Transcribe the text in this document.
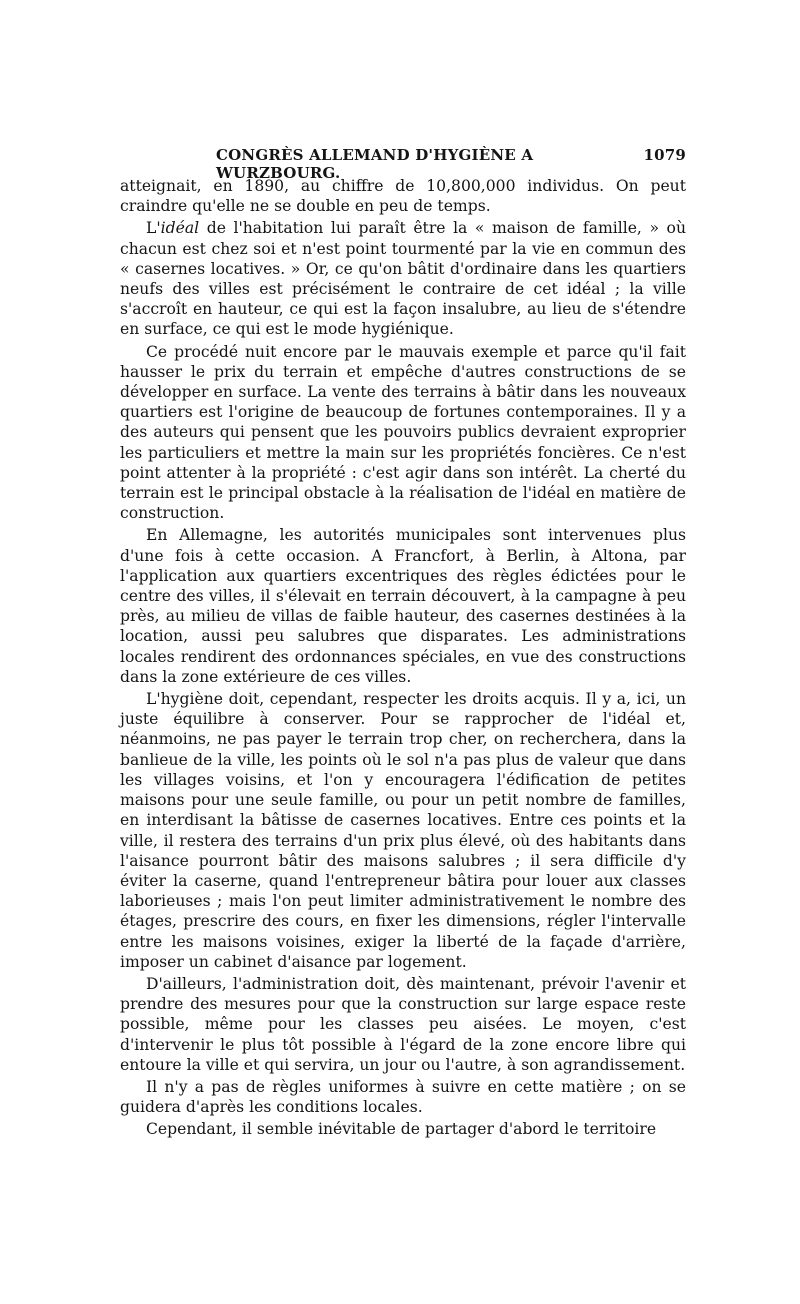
CONGRÈS ALLEMAND D'HYGIÈNE A WURZBOURG.
1079

atteignait, en 1890, au chiffre de 10,800,000 individus. On peut craindre qu'elle ne se double en peu de temps.

L'idéal de l'habitation lui paraît être la « maison de famille, » où chacun est chez soi et n'est point tourmenté par la vie en commun des « casernes locatives. » Or, ce qu'on bâtit d'ordinaire dans les quartiers neufs des villes est précisément le contraire de cet idéal ; la ville s'accroît en hauteur, ce qui est la façon insalubre, au lieu de s'étendre en surface, ce qui est le mode hygiénique.

Ce procédé nuit encore par le mauvais exemple et parce qu'il fait hausser le prix du terrain et empêche d'autres constructions de se développer en surface. La vente des terrains à bâtir dans les nouveaux quartiers est l'origine de beaucoup de fortunes contemporaines. Il y a des auteurs qui pensent que les pouvoirs publics devraient exproprier les particuliers et mettre la main sur les propriétés foncières. Ce n'est point attenter à la propriété : c'est agir dans son intérêt. La cherté du terrain est le principal obstacle à la réalisation de l'idéal en matière de construction.

En Allemagne, les autorités municipales sont intervenues plus d'une fois à cette occasion. A Francfort, à Berlin, à Altona, par l'application aux quartiers excentriques des règles édictées pour le centre des villes, il s'élevait en terrain découvert, à la campagne à peu près, au milieu de villas de faible hauteur, des casernes destinées à la location, aussi peu salubres que disparates. Les administrations locales rendirent des ordonnances spéciales, en vue des constructions dans la zone extérieure de ces villes.

L'hygiène doit, cependant, respecter les droits acquis. Il y a, ici, un juste équilibre à conserver. Pour se rapprocher de l'idéal et, néanmoins, ne pas payer le terrain trop cher, on recherchera, dans la banlieue de la ville, les points où le sol n'a pas plus de valeur que dans les villages voisins, et l'on y encouragera l'édification de petites maisons pour une seule famille, ou pour un petit nombre de familles, en interdisant la bâtisse de casernes locatives. Entre ces points et la ville, il restera des terrains d'un prix plus élevé, où des habitants dans l'aisance pourront bâtir des maisons salubres ; il sera difficile d'y éviter la caserne, quand l'entrepreneur bâtira pour louer aux classes laborieuses ; mais l'on peut limiter administrativement le nombre des étages, prescrire des cours, en fixer les dimensions, régler l'intervalle entre les maisons voisines, exiger la liberté de la façade d'arrière, imposer un cabinet d'aisance par logement.

D'ailleurs, l'administration doit, dès maintenant, prévoir l'avenir et prendre des mesures pour que la construction sur large espace reste possible, même pour les classes peu aisées. Le moyen, c'est d'intervenir le plus tôt possible à l'égard de la zone encore libre qui entoure la ville et qui servira, un jour ou l'autre, à son agrandissement.

Il n'y a pas de règles uniformes à suivre en cette matière ; on se guidera d'après les conditions locales.

Cependant, il semble inévitable de partager d'abord le territoire
